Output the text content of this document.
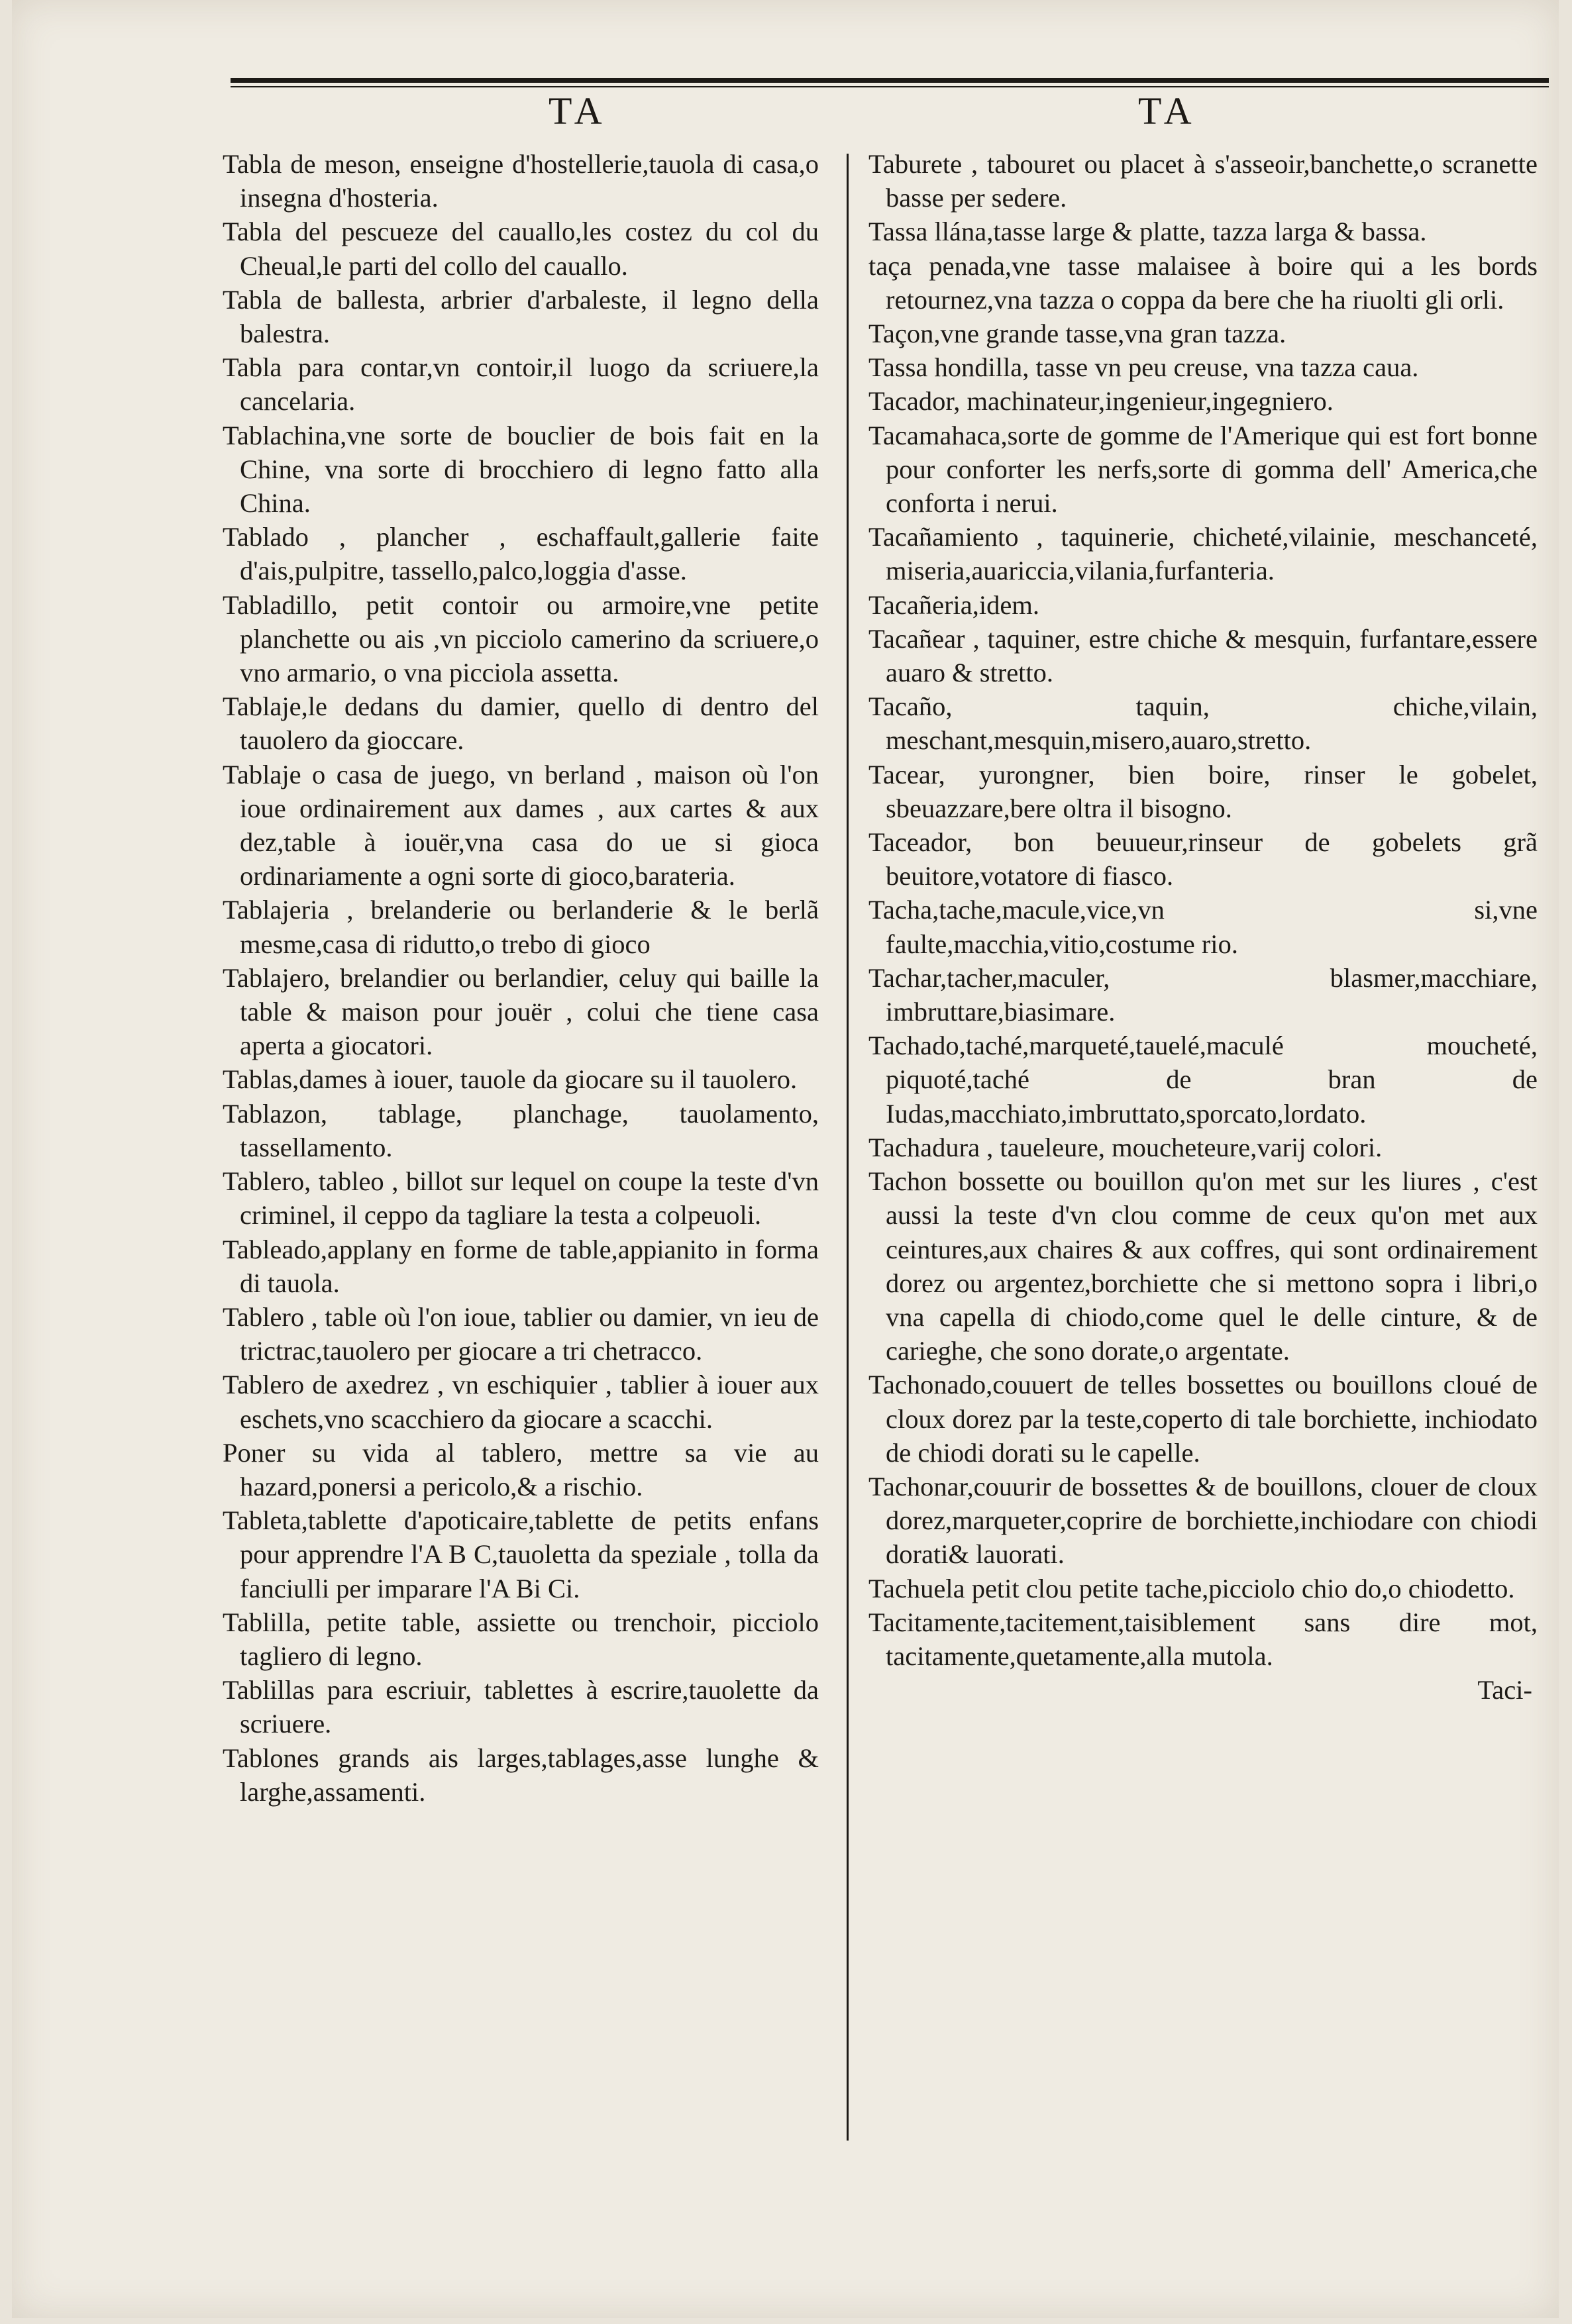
TA	TA

Tabla de meson, enseigne d'hostellerie,tauola di casa,o insegna d'hosteria.

Tabla del pescueze del cauallo,les costez du col du Cheual,le parti del collo del cauallo.

Tabla de ballesta, arbrier d'arbaleste, il legno della balestra.

Tabla para contar,vn contoir,il luogo da scriuere,la cancelaria.

Tablachina,vne sorte de bouclier de bois fait en la Chine, vna sorte di brocchiero di legno fatto alla China.

Tablado , plancher , eschaffault,gallerie faite d'ais,pulpitre, tassello,palco,loggia d'asse.

Tabladillo, petit contoir ou armoire,vne petite planchette ou ais ,vn picciolo camerino da scriuere,o vno armario, o vna picciola assetta.

Tablaje,le dedans du damier, quello di dentro del tauolero da gioccare.

Tablaje o casa de juego, vn berland , maison où l'on ioue ordinairement aux dames , aux cartes & aux dez,table à iouër,vna casa do ue si gioca ordinariamente a ogni sorte di gioco,barateria.

Tablajeria , brelanderie ou berlanderie & le berlã mesme,casa di ridutto,o trebo di gioco

Tablajero, brelandier ou berlandier, celuy qui baille la table & maison pour jouër , colui che tiene casa aperta a giocatori.

Tablas,dames à iouer, tauole da giocare su il tauolero.

Tablazon, tablage, planchage, tauolamento, tassellamento.

Tablero, tableo , billot sur lequel on coupe la teste d'vn criminel, il ceppo da tagliare la testa a colpeuoli.

Tableado,applany en forme de table,appianito in forma di tauola.

Tablero , table où l'on ioue, tablier ou damier, vn ieu de trictrac,tauolero per giocare a tri chetracco.

Tablero de axedrez , vn eschiquier , tablier à iouer aux eschets,vno scacchiero da giocare a scacchi.

Poner su vida al tablero, mettre sa vie au hazard,ponersi a pericolo,& a rischio.

Tableta,tablette d'apoticaire,tablette de petits enfans pour apprendre l'A B C,tauoletta da speziale , tolla da fanciulli per imparare l'A Bi Ci.

Tablilla, petite table, assiette ou trenchoir, picciolo tagliero di legno.

Tablillas para escriuir, tablettes à escrire,tauolette da scriuere.

Tablones grands ais larges,tablages,asse lunghe & larghe,assamenti.

Taburete , tabouret ou placet à s'asseoir,banchette,o scranette basse per sedere.

Tassa llána,tasse large & platte, tazza larga & bassa.

taça penada,vne tasse malaisee à boire qui a les bords retournez,vna tazza o coppa da bere che ha riuolti gli orli.

Taçon,vne grande tasse,vna gran tazza.

Tassa hondilla, tasse vn peu creuse, vna tazza caua.

Tacador, machinateur,ingenieur,ingegniero.

Tacamahaca,sorte de gomme de l'Amerique qui est fort bonne pour conforter les nerfs,sorte di gomma dell' America,che conforta i nerui.

Tacañamiento , taquinerie, chicheté,vilainie, meschanceté, miseria,auariccia,vilania,furfanteria.

Tacañeria,idem.

Tacañear , taquiner, estre chiche & mesquin, furfantare,essere auaro & stretto.

Tacaño, taquin, chiche,vilain, meschant,mesquin,misero,auaro,stretto.

Tacear, yurongner, bien boire, rinser le gobelet, sbeuazzare,bere oltra il bisogno.

Taceador, bon beuueur,rinseur de gobelets grã beuitore,votatore di fiasco.

Tacha,tache,macule,vice,vn si,vne faulte,macchia,vitio,costume rio.

Tachar,tacher,maculer, blasmer,macchiare, imbruttare,biasimare.

Tachado,taché,marqueté,tauelé,maculé moucheté, piquoté,taché de bran de Iudas,macchiato,imbruttato,sporcato,lordato.

Tachadura , taueleure, moucheteure,varij colori.

Tachon bossette ou bouillon qu'on met sur les liures , c'est aussi la teste d'vn clou comme de ceux qu'on met aux ceintures,aux chaires & aux coffres, qui sont ordinairement dorez ou argentez,borchiette che si mettono sopra i libri,o vna capella di chiodo,come quel le delle cinture, & de carieghe, che sono dorate,o argentate.

Tachonado,couuert de telles bossettes ou bouillons cloué de cloux dorez par la teste,coperto di tale borchiette, inchiodato de chiodi dorati su le capelle.

Tachonar,couurir de bossettes & de bouillons, clouer de cloux dorez,marqueter,coprire de borchiette,inchiodare con chiodi dorati& lauorati.

Tachuela petit clou petite tache,picciolo chio do,o chiodetto.

Tacitamente,tacitement,taisiblement sans dire mot, tacitamente,quetamente,alla mutola.

Taci-
